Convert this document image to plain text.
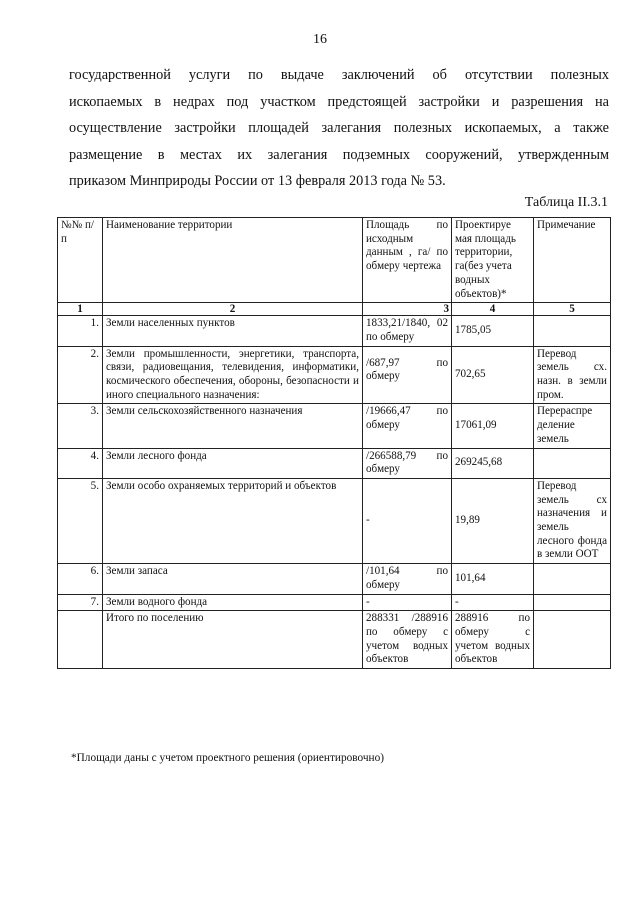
16

государственной услуги по выдаче заключений об отсутствии полезных
ископаемых в недрах под участком предстоящей застройки и разрешения на
осуществление застройки площадей залегания полезных ископаемых, а также
размещение в местах их залегания подземных сооружений, утвержденным
приказом Минприроды России от 13 февраля 2013 года № 53.

Таблица II.3.1
№№ п/п	Наименование территории	Площадь по исходным данным , га/ по обмеру чертежа	Проектируе мая площадь территории, га(без учета водных объектов)*	Примечание
1	2	3	4	5
1.	Земли населенных пунктов	1833,21/1840, 02 по обмеру	1785,05	
2.	Земли промышленности, энергетики, транспорта, связи, радиовещания, телевидения, информатики, космического обеспечения, обороны, безопасности и иного специального назначения:	/687,97 по обмеру	702,65	Перевод земель сх. назн. в земли пром.
3.	Земли сельскохозяйственного назначения	/19666,47 по обмеру	17061,09	Перераспре деление земель
4.	Земли лесного фонда	/266588,79 по обмеру	269245,68	
5.	Земли особо охраняемых территорий и объектов	-	19,89	Перевод земель сх назначения и земель лесного фонда в земли ООТ
6.	Земли запаса	/101,64 по обмеру	101,64	
7.	Земли водного фонда	-	-	
	Итого по поселению	288331 /288916 по обмеру с учетом водных объектов	288916 по обмеру с учетом водных объектов	
*Площади даны с учетом проектного решения (ориентировочно)
